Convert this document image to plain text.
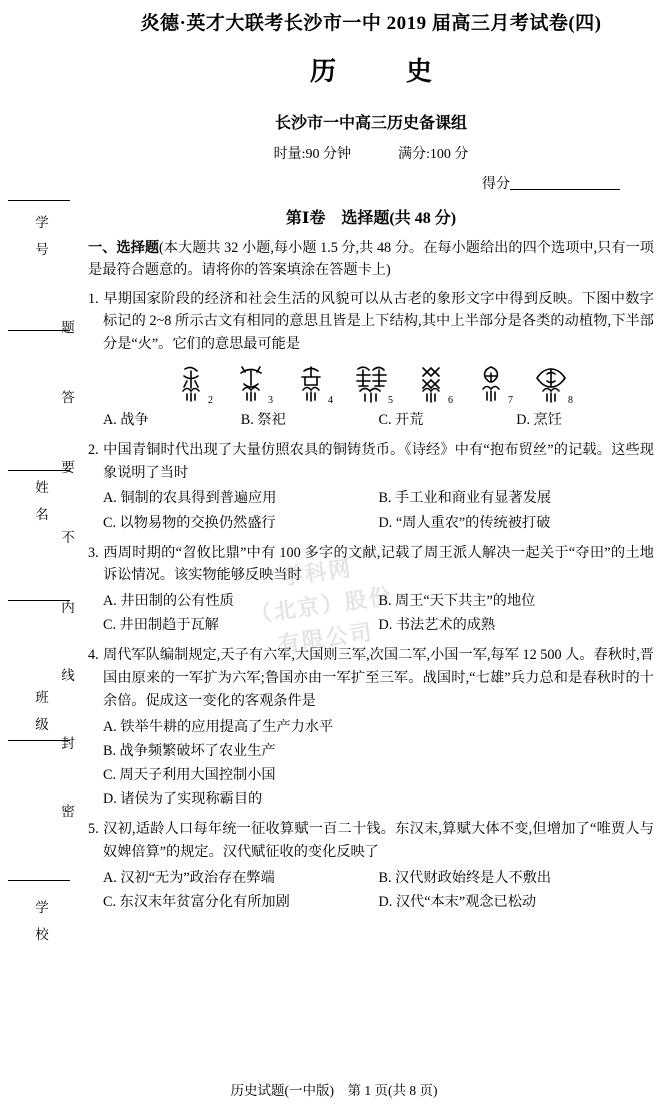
学　号
姓　名
班　级
学　校
题
答
要
不
内
线
封
密
炎德·英才大联考长沙市一中 2019 届高三月考试卷(四)
历　史
长沙市一中高三历史备课组
时量:90 分钟	满分:100 分
得分
第Ⅰ卷　选择题(共 48 分)
一、选择题(本大题共 32 小题,每小题 1.5 分,共 48 分。在每小题给出的四个选项中,只有一项是最符合题意的。请将你的答案填涂在答题卡上)
1. 早期国家阶段的经济和社会生活的风貌可以从古老的象形文字中得到反映。下图中数字标记的 2~8 所示古文有相同的意思且皆是上下结构,其中上半部分是各类的动植物,下半部分是“火”。它们的意思最可能是
2	3	4	5	6	7	8
A. 战争	B. 祭祀	C. 开荒	D. 烹饪
2. 中国青铜时代出现了大量仿照农具的铜铸货币。《诗经》中有“抱布贸丝”的记载。这些现象说明了当时
A. 铜制的农具得到普遍应用	B. 手工业和商业有显著发展
C. 以物易物的交换仍然盛行	D. “周人重农”的传统被打破
3. 西周时期的“曶攸比鼎”中有 100 多字的文献,记载了周王派人解决一起关于“夺田”的土地诉讼情况。该实物能够反映当时
A. 井田制的公有性质	B. 周王“天下共主”的地位
C. 井田制趋于瓦解	D. 书法艺术的成熟
4. 周代军队编制规定,天子有六军,大国则三军,次国二军,小国一军,每军 12 500 人。春秋时,晋国由原来的一军扩为六军;鲁国亦由一军扩至三军。战国时,“七雄”兵力总和是春秋时的十余倍。促成这一变化的客观条件是
A. 铁举牛耕的应用提高了生产力水平
B. 战争频繁破坏了农业生产
C. 周天子利用大国控制小国
D. 诸侯为了实现称霸目的
5. 汉初,适龄人口每年统一征收算赋一百二十钱。东汉末,算赋大体不变,但增加了“唯贾人与奴婢倍算”的规定。汉代赋征收的变化反映了
A. 汉初“无为”政治存在弊端	B. 汉代财政始终是人不敷出
C. 东汉末年贫富分化有所加剧	D. 汉代“本末”观念已松动
学科网
（北京）股份
有限公司
历史试题(一中版)　第 1 页(共 8 页)
